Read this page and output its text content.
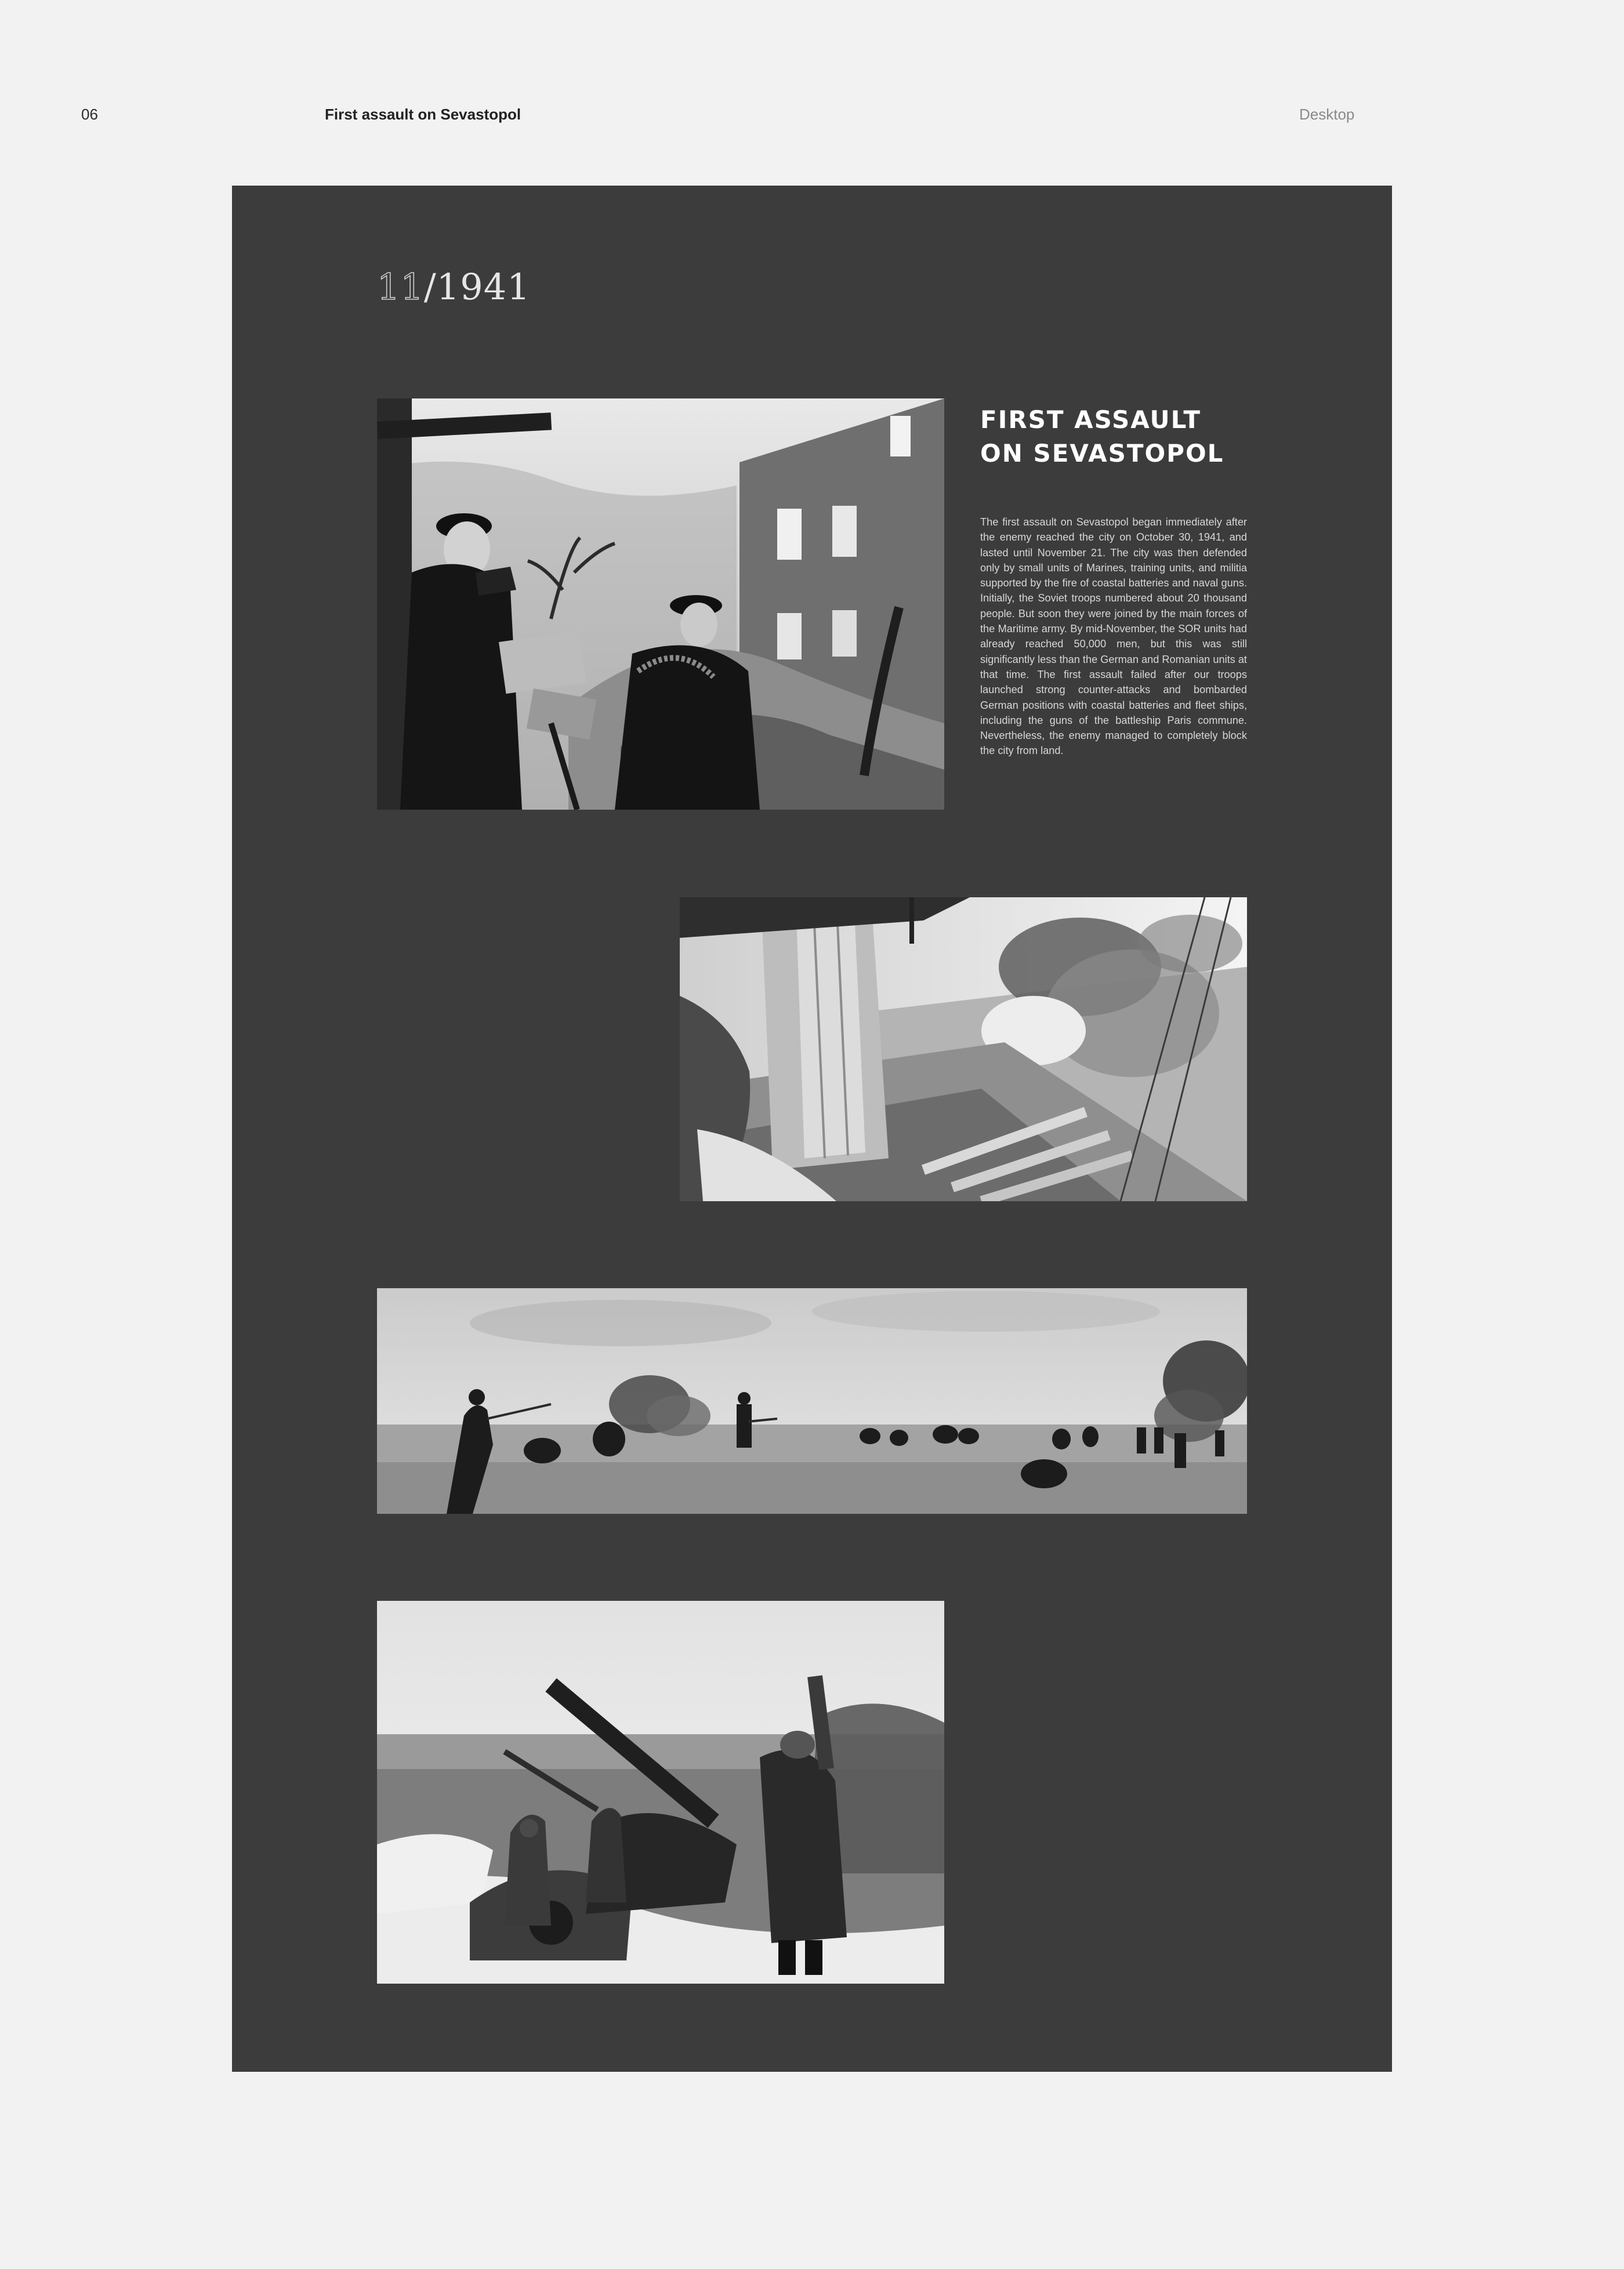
06	First assault on Sevastopol	Desktop
11/1941
FIRST ASSAULT
ON SEVASTOPOL

The first assault on Sevastopol began immediately after the enemy reached the city on October 30, 1941, and lasted until November 21. The city was then defended only by small units of Marines, training units, and militia supported by the fire of coastal batteries and naval guns. Initially, the Soviet troops numbered about 20 thousand people. But soon they were joined by the main forces of the Maritime army. By mid-November, the SOR units had already reached 50,000 men, but this was still significantly less than the German and Romanian units at that time. The first assault failed after our troops launched strong counter-attacks and bombarded German positions with coastal batteries and fleet ships, including the guns of the battleship Paris commune. Nevertheless, the enemy managed to completely block the city from land.
